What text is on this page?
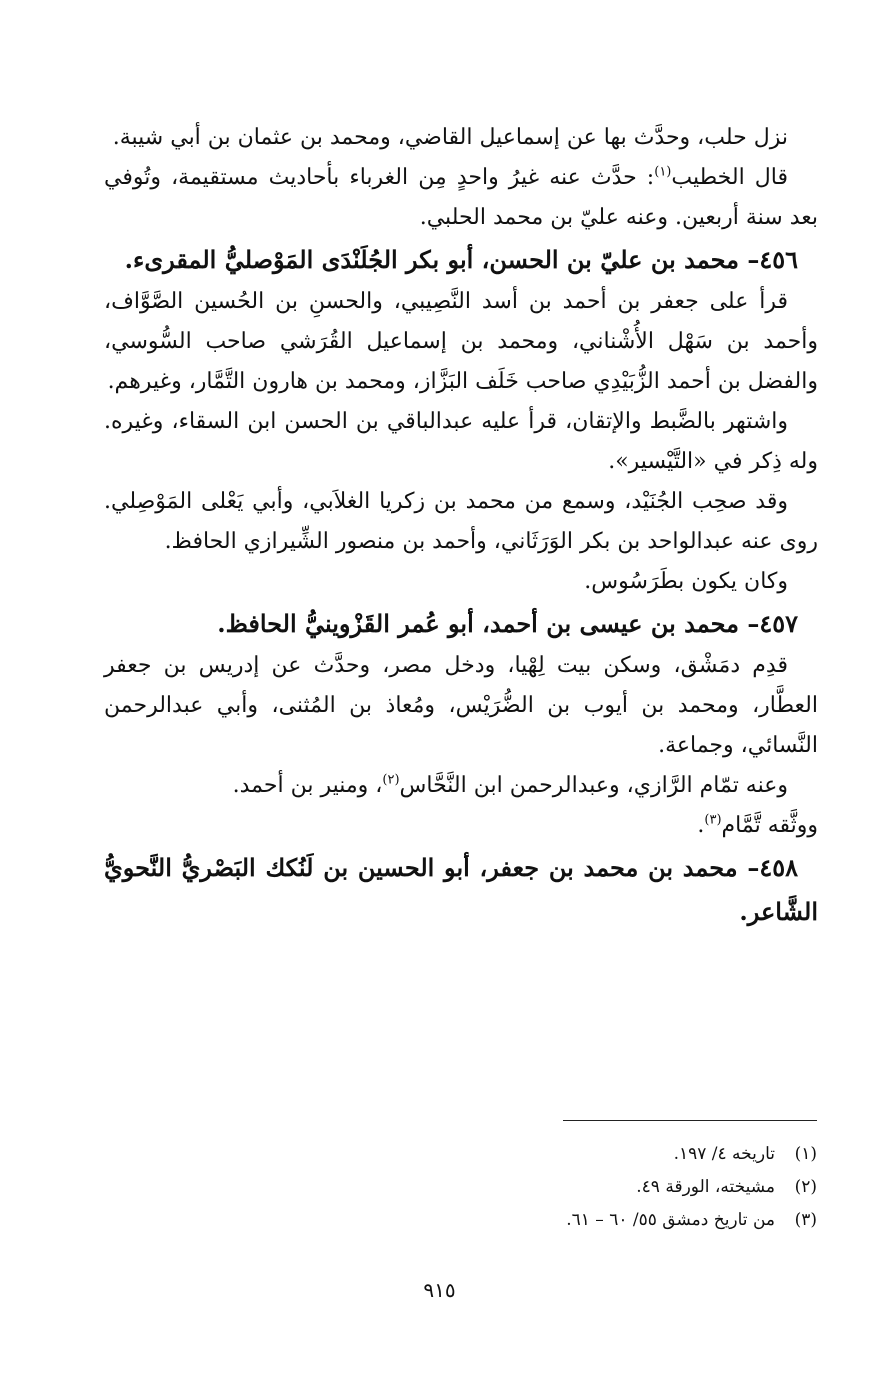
نزل حلب، وحدَّث بها عن إسماعيل القاضي، ومحمد بن عثمان بن أبي شيبة.

قال الخطيب$^{(١)}$: حدَّث عنه غيرُ واحدٍ مِن الغرباء بأحاديث مستقيمة، وتُوفي بعد سنة أربعين. وعنه عليّ بن محمد الحلبي.

٤٥٦– محمد بن عليّ بن الحسن، أبو بكر الجُلَنْدَى المَوْصليُّ المقرىء.

قرأ على جعفر بن أحمد بن أسد النَّصِيبي، والحسنِ بن الحُسين الصَّوَّاف، وأحمد بن سَهْل الأُشْناني، ومحمد بن إسماعيل القُرَشي صاحب السُّوسي، والفضل بن أحمد الزُّبَيْدِي صاحب خَلَف البَزَّاز، ومحمد بن هارون التَّمَّار، وغيرهم.

واشتهر بالضَّبط والإتقان، قرأ عليه عبدالباقي بن الحسن ابن السقاء، وغيره. وله ذِكر في «التَّيْسير».

وقد صحِب الجُنَيْد، وسمع من محمد بن زكريا الغلاَبي، وأبي يَعْلى المَوْصِلي. روى عنه عبدالواحد بن بكر الوَرَثَاني، وأحمد بن منصور الشِّيرازي الحافظ.

وكان يكون بطَرَسُوس.

٤٥٧– محمد بن عيسى بن أحمد، أبو عُمر القَزْوينيُّ الحافظ.

قدِم دمَشْق، وسكن بيت لِهْيا، ودخل مصر، وحدَّث عن إدريس بن جعفر العطَّار، ومحمد بن أيوب بن الضُّرَيْس، ومُعاذ بن المُثنى، وأبي عبدالرحمن النَّسائي، وجماعة.

وعنه تمّام الرَّازي، وعبدالرحمن ابن النَّحَّاس$^{(٢)}$، ومنير بن أحمد.

ووثَّقه تَّمَّام$^{(٣)}$.

٤٥٨– محمد بن محمد بن جعفر، أبو الحسين بن لَنُكك البَصْريُّ النَّحويُّ الشَّاعر.

(١)تاريخه ٤/ ١٩٧.

(٢)مشيخته، الورقة ٤٩.

(٣)من تاريخ دمشق ٥٥/ ٦٠ – ٦١.

٩١٥
